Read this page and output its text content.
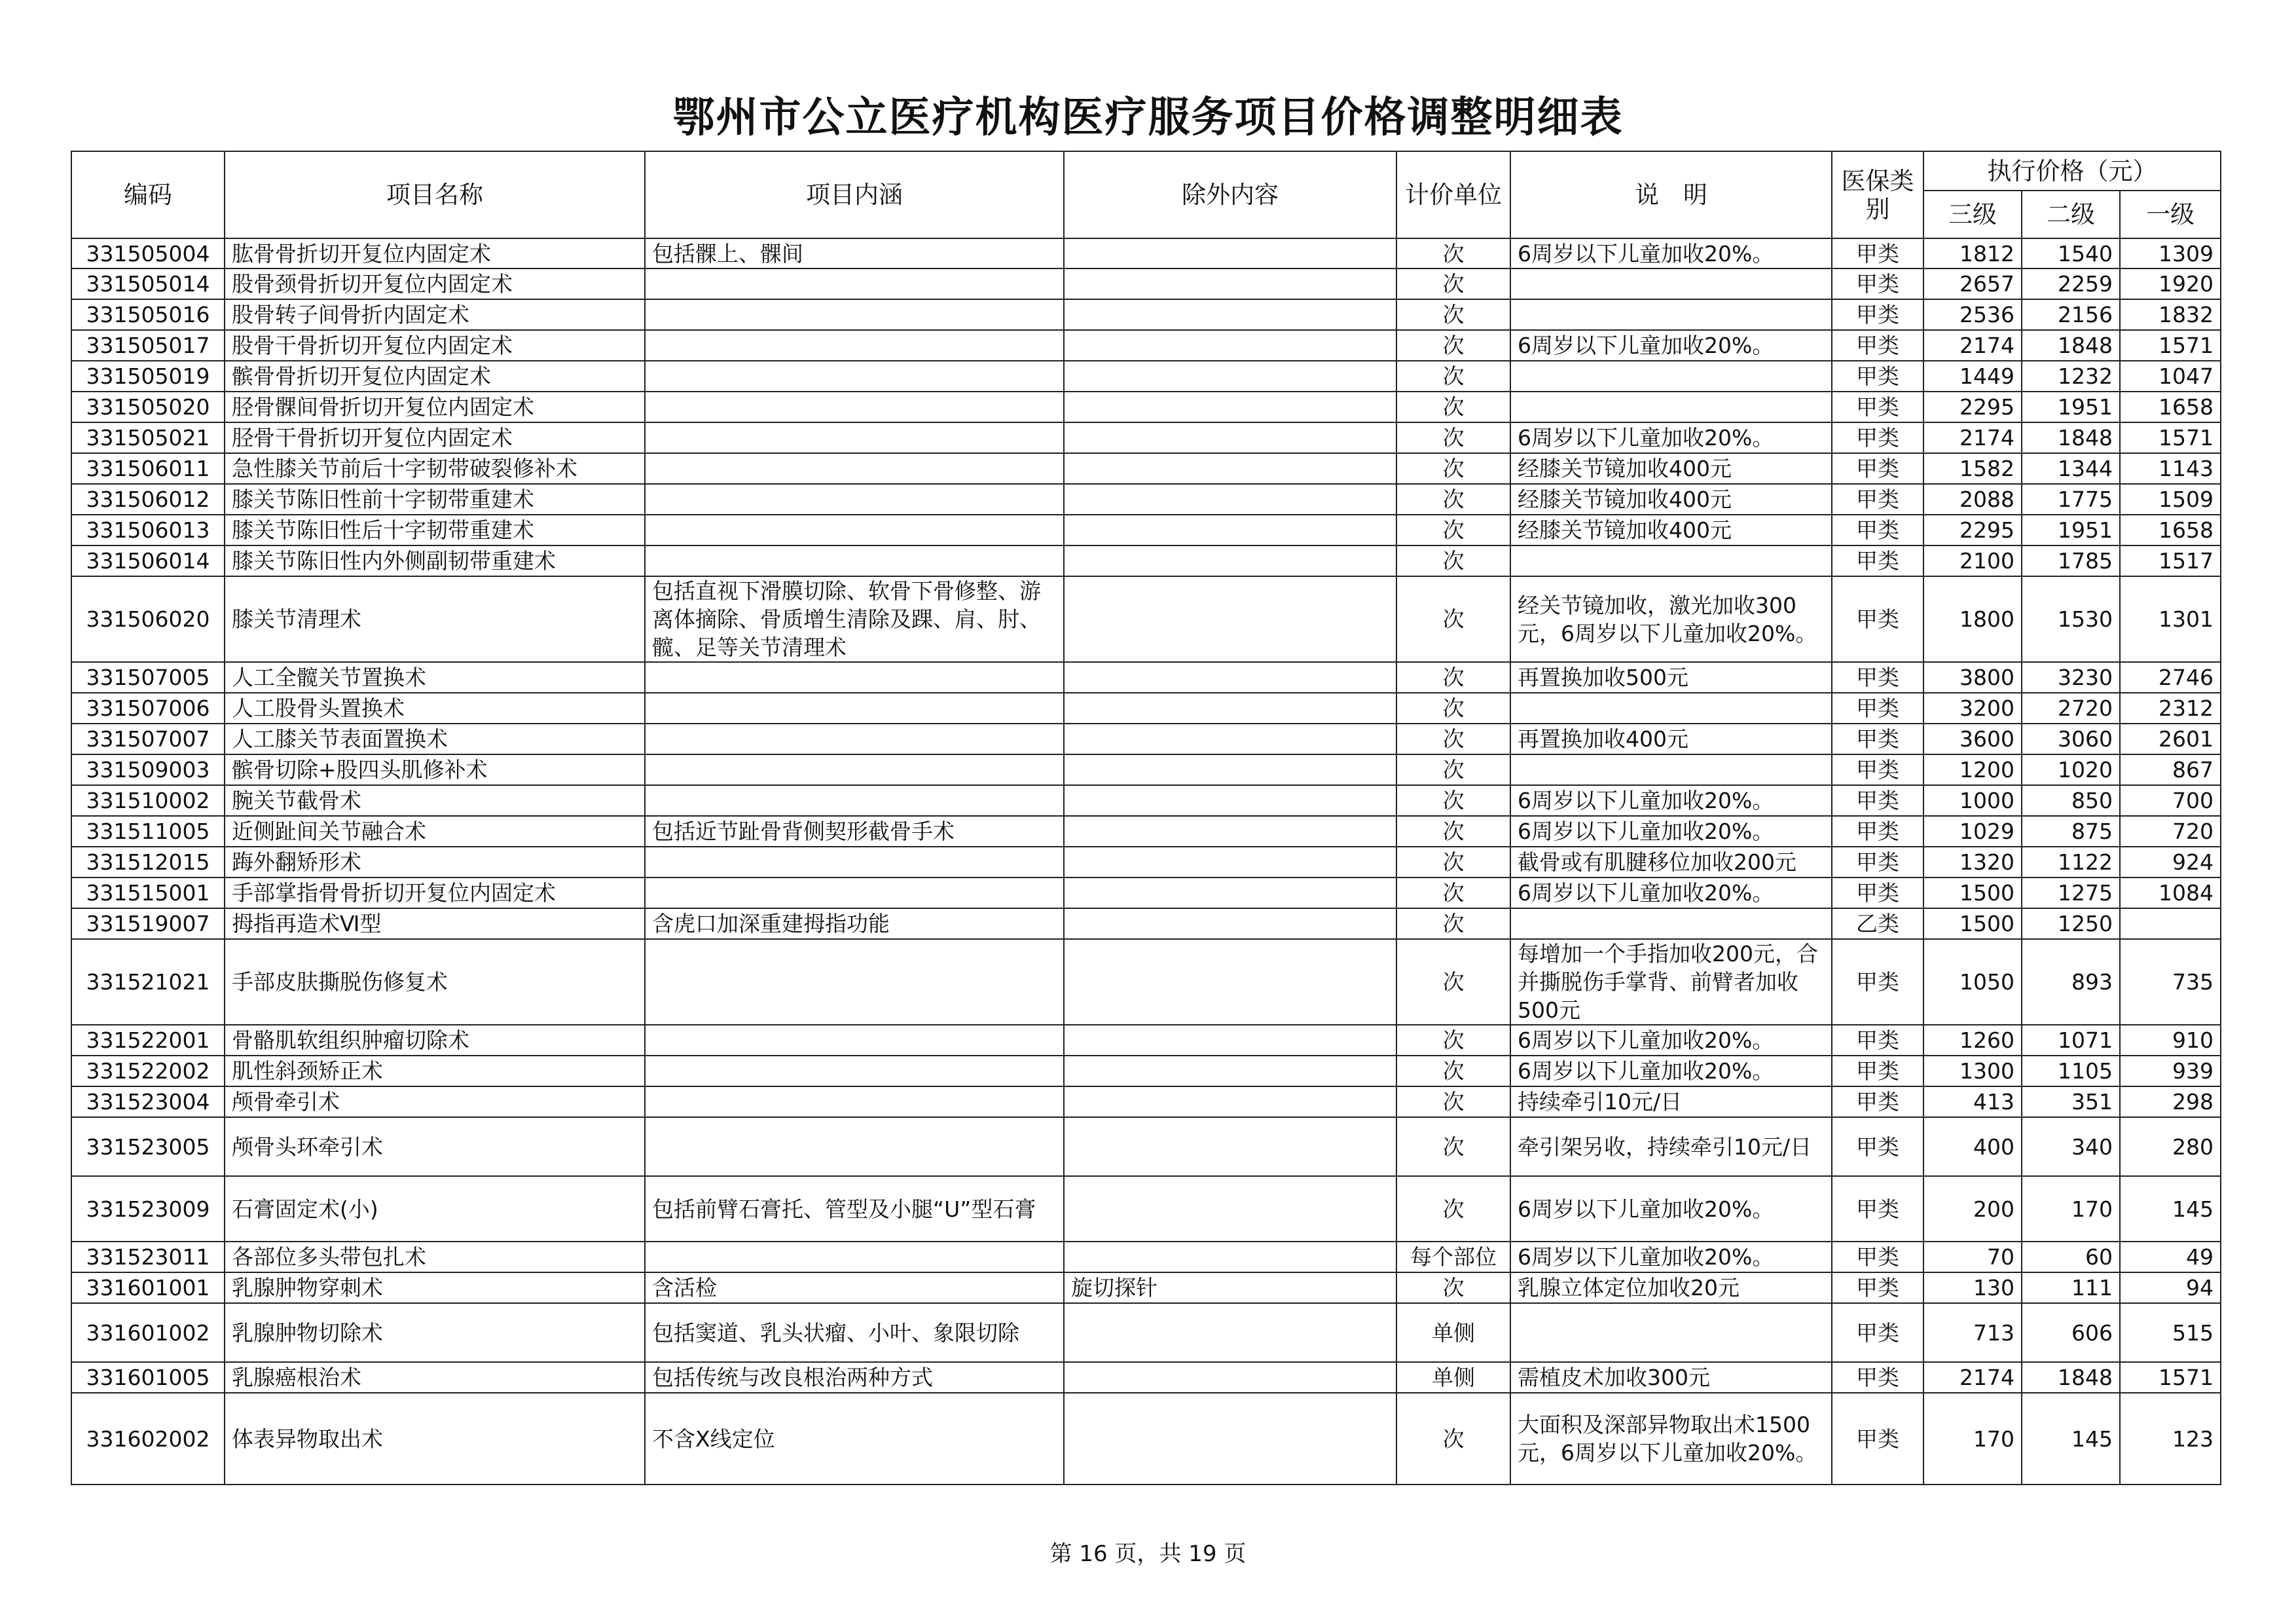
鄂州市公立医疗机构医疗服务项目价格调整明细表
编码	项目名称	项目内涵	除外内容	计价单位	说　明	医保类别	执行价格（元）		
							三级	二级	一级
331505004	肱骨骨折切开复位内固定术	包括髁上、髁间		次	6周岁以下儿童加收20%。	甲类	1812	1540	1309
331505014	股骨颈骨折切开复位内固定术			次		甲类	2657	2259	1920
331505016	股骨转子间骨折内固定术			次		甲类	2536	2156	1832
331505017	股骨干骨折切开复位内固定术			次	6周岁以下儿童加收20%。	甲类	2174	1848	1571
331505019	髌骨骨折切开复位内固定术			次		甲类	1449	1232	1047
331505020	胫骨髁间骨折切开复位内固定术			次		甲类	2295	1951	1658
331505021	胫骨干骨折切开复位内固定术			次	6周岁以下儿童加收20%。	甲类	2174	1848	1571
331506011	急性膝关节前后十字韧带破裂修补术			次	经膝关节镜加收400元	甲类	1582	1344	1143
331506012	膝关节陈旧性前十字韧带重建术			次	经膝关节镜加收400元	甲类	2088	1775	1509
331506013	膝关节陈旧性后十字韧带重建术			次	经膝关节镜加收400元	甲类	2295	1951	1658
331506014	膝关节陈旧性内外侧副韧带重建术			次		甲类	2100	1785	1517
331506020	膝关节清理术	包括直视下滑膜切除、软骨下骨修整、游离体摘除、骨质增生清除及踝、肩、肘、髋、足等关节清理术		次	经关节镜加收，激光加收300元，6周岁以下儿童加收20%。	甲类	1800	1530	1301
331507005	人工全髋关节置换术			次	再置换加收500元	甲类	3800	3230	2746
331507006	人工股骨头置换术			次		甲类	3200	2720	2312
331507007	人工膝关节表面置换术			次	再置换加收400元	甲类	3600	3060	2601
331509003	髌骨切除+股四头肌修补术			次		甲类	1200	1020	867
331510002	腕关节截骨术			次	6周岁以下儿童加收20%。	甲类	1000	850	700
331511005	近侧趾间关节融合术	包括近节趾骨背侧契形截骨手术		次	6周岁以下儿童加收20%。	甲类	1029	875	720
331512015	踇外翻矫形术			次	截骨或有肌腱移位加收200元	甲类	1320	1122	924
331515001	手部掌指骨骨折切开复位内固定术			次	6周岁以下儿童加收20%。	甲类	1500	1275	1084
331519007	拇指再造术Ⅵ型	含虎口加深重建拇指功能		次		乙类	1500	1250	
331521021	手部皮肤撕脱伤修复术			次	每增加一个手指加收200元，合并撕脱伤手掌背、前臂者加收500元	甲类	1050	893	735
331522001	骨骼肌软组织肿瘤切除术			次	6周岁以下儿童加收20%。	甲类	1260	1071	910
331522002	肌性斜颈矫正术			次	6周岁以下儿童加收20%。	甲类	1300	1105	939
331523004	颅骨牵引术			次	持续牵引10元/日	甲类	413	351	298
331523005	颅骨头环牵引术			次	牵引架另收，持续牵引10元/日	甲类	400	340	280
331523009	石膏固定术(小)	包括前臂石膏托、管型及小腿“U”型石膏		次	6周岁以下儿童加收20%。	甲类	200	170	145
331523011	各部位多头带包扎术			每个部位	6周岁以下儿童加收20%。	甲类	70	60	49
331601001	乳腺肿物穿刺术	含活检	旋切探针	次	乳腺立体定位加收20元	甲类	130	111	94
331601002	乳腺肿物切除术	包括窦道、乳头状瘤、小叶、象限切除		单侧		甲类	713	606	515
331601005	乳腺癌根治术	包括传统与改良根治两种方式		单侧	需植皮术加收300元	甲类	2174	1848	1571
331602002	体表异物取出术	不含X线定位		次	大面积及深部异物取出术1500元，6周岁以下儿童加收20%。	甲类	170	145	123
第 16 页，共 19 页
